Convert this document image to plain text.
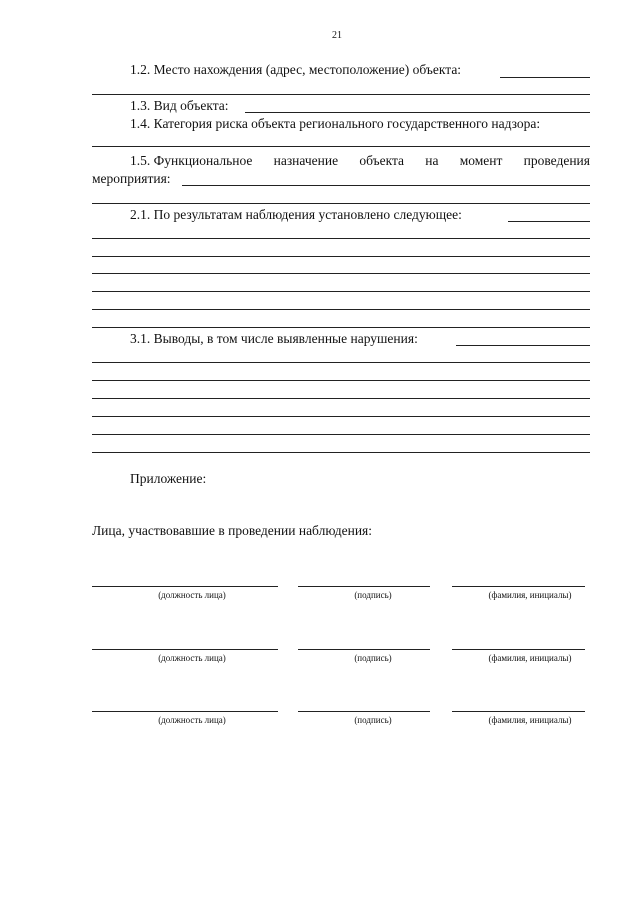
21
1.2. Место нахождения (адрес, местоположение) объекта:
1.3. Вид объекта:
1.4. Категория риска объекта регионального государственного надзора:
1.5. Функциональное назначение объекта на момент проведения
мероприятия:
2.1. По результатам наблюдения установлено следующее:
3.1. Выводы, в том числе выявленные нарушения:
Приложение:
Лица, участвовавшие в проведении наблюдения:
(должность лица)	(подпись)	(фамилия, инициалы)
(должность лица)	(подпись)	(фамилия, инициалы)
(должность лица)	(подпись)	(фамилия, инициалы)
